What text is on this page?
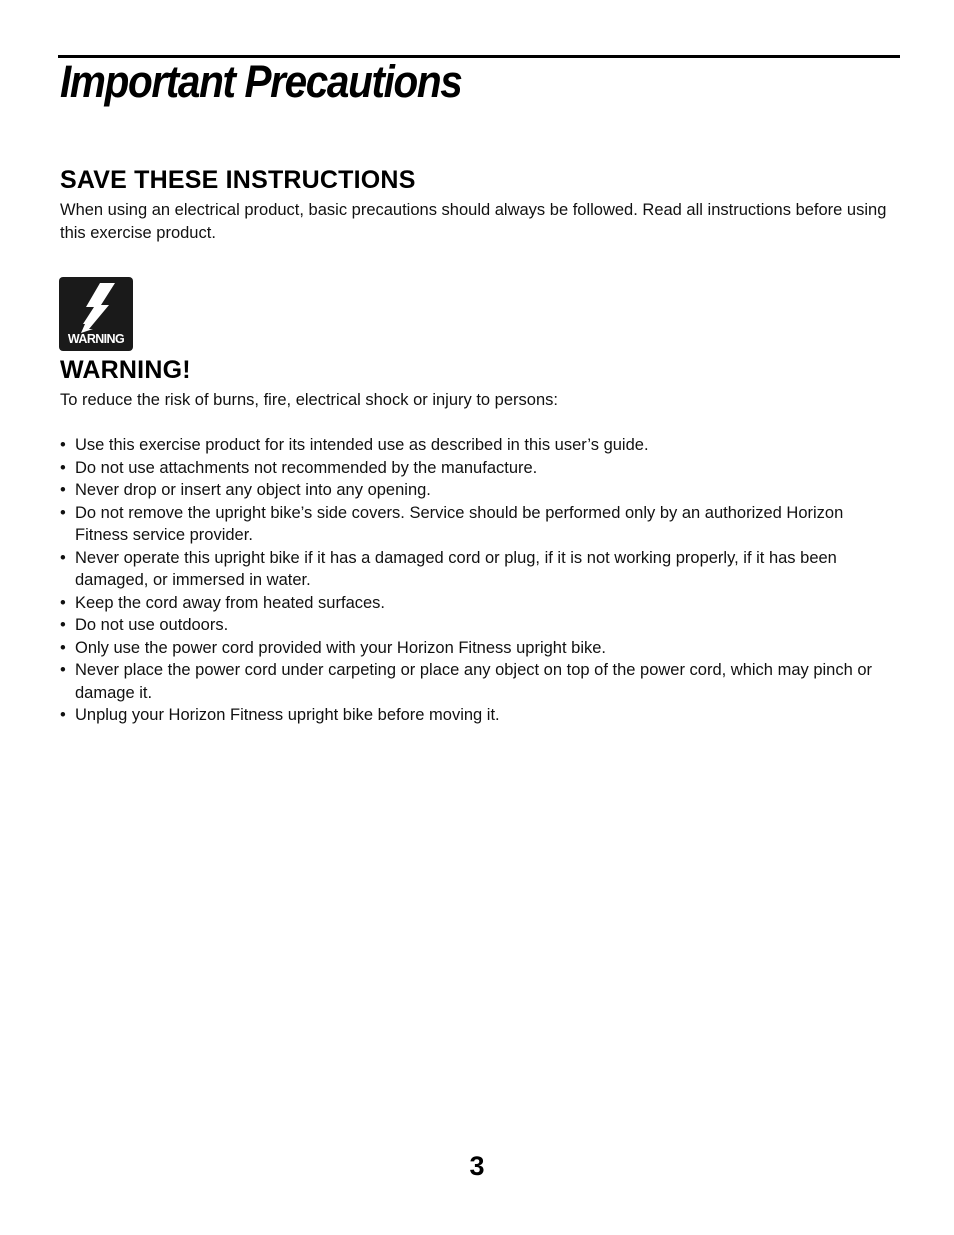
Important Precautions
SAVE THESE INSTRUCTIONS

When using an electrical product, basic precautions should always be followed. Read all instructions before using this exercise product.

WARNING
WARNING!

To reduce the risk of burns, fire, electrical shock or injury to persons:

• Use this exercise product for its intended use as described in this user’s guide.
• Do not use attachments not recommended by the manufacture.
• Never drop or insert any object into any opening.
• Do not remove the upright bike’s side covers. Service should be performed only by an authorized Horizon Fitness service provider.
• Never operate this upright bike if it has a damaged cord or plug, if it is not working properly, if it has been damaged, or immersed in water.
• Keep the cord away from heated surfaces.
• Do not use outdoors.
• Only use the power cord provided with your Horizon Fitness upright bike.
• Never place the power cord under carpeting or place any object on top of the power cord, which may pinch or damage it.
• Unplug your Horizon Fitness upright bike before moving it.
3
